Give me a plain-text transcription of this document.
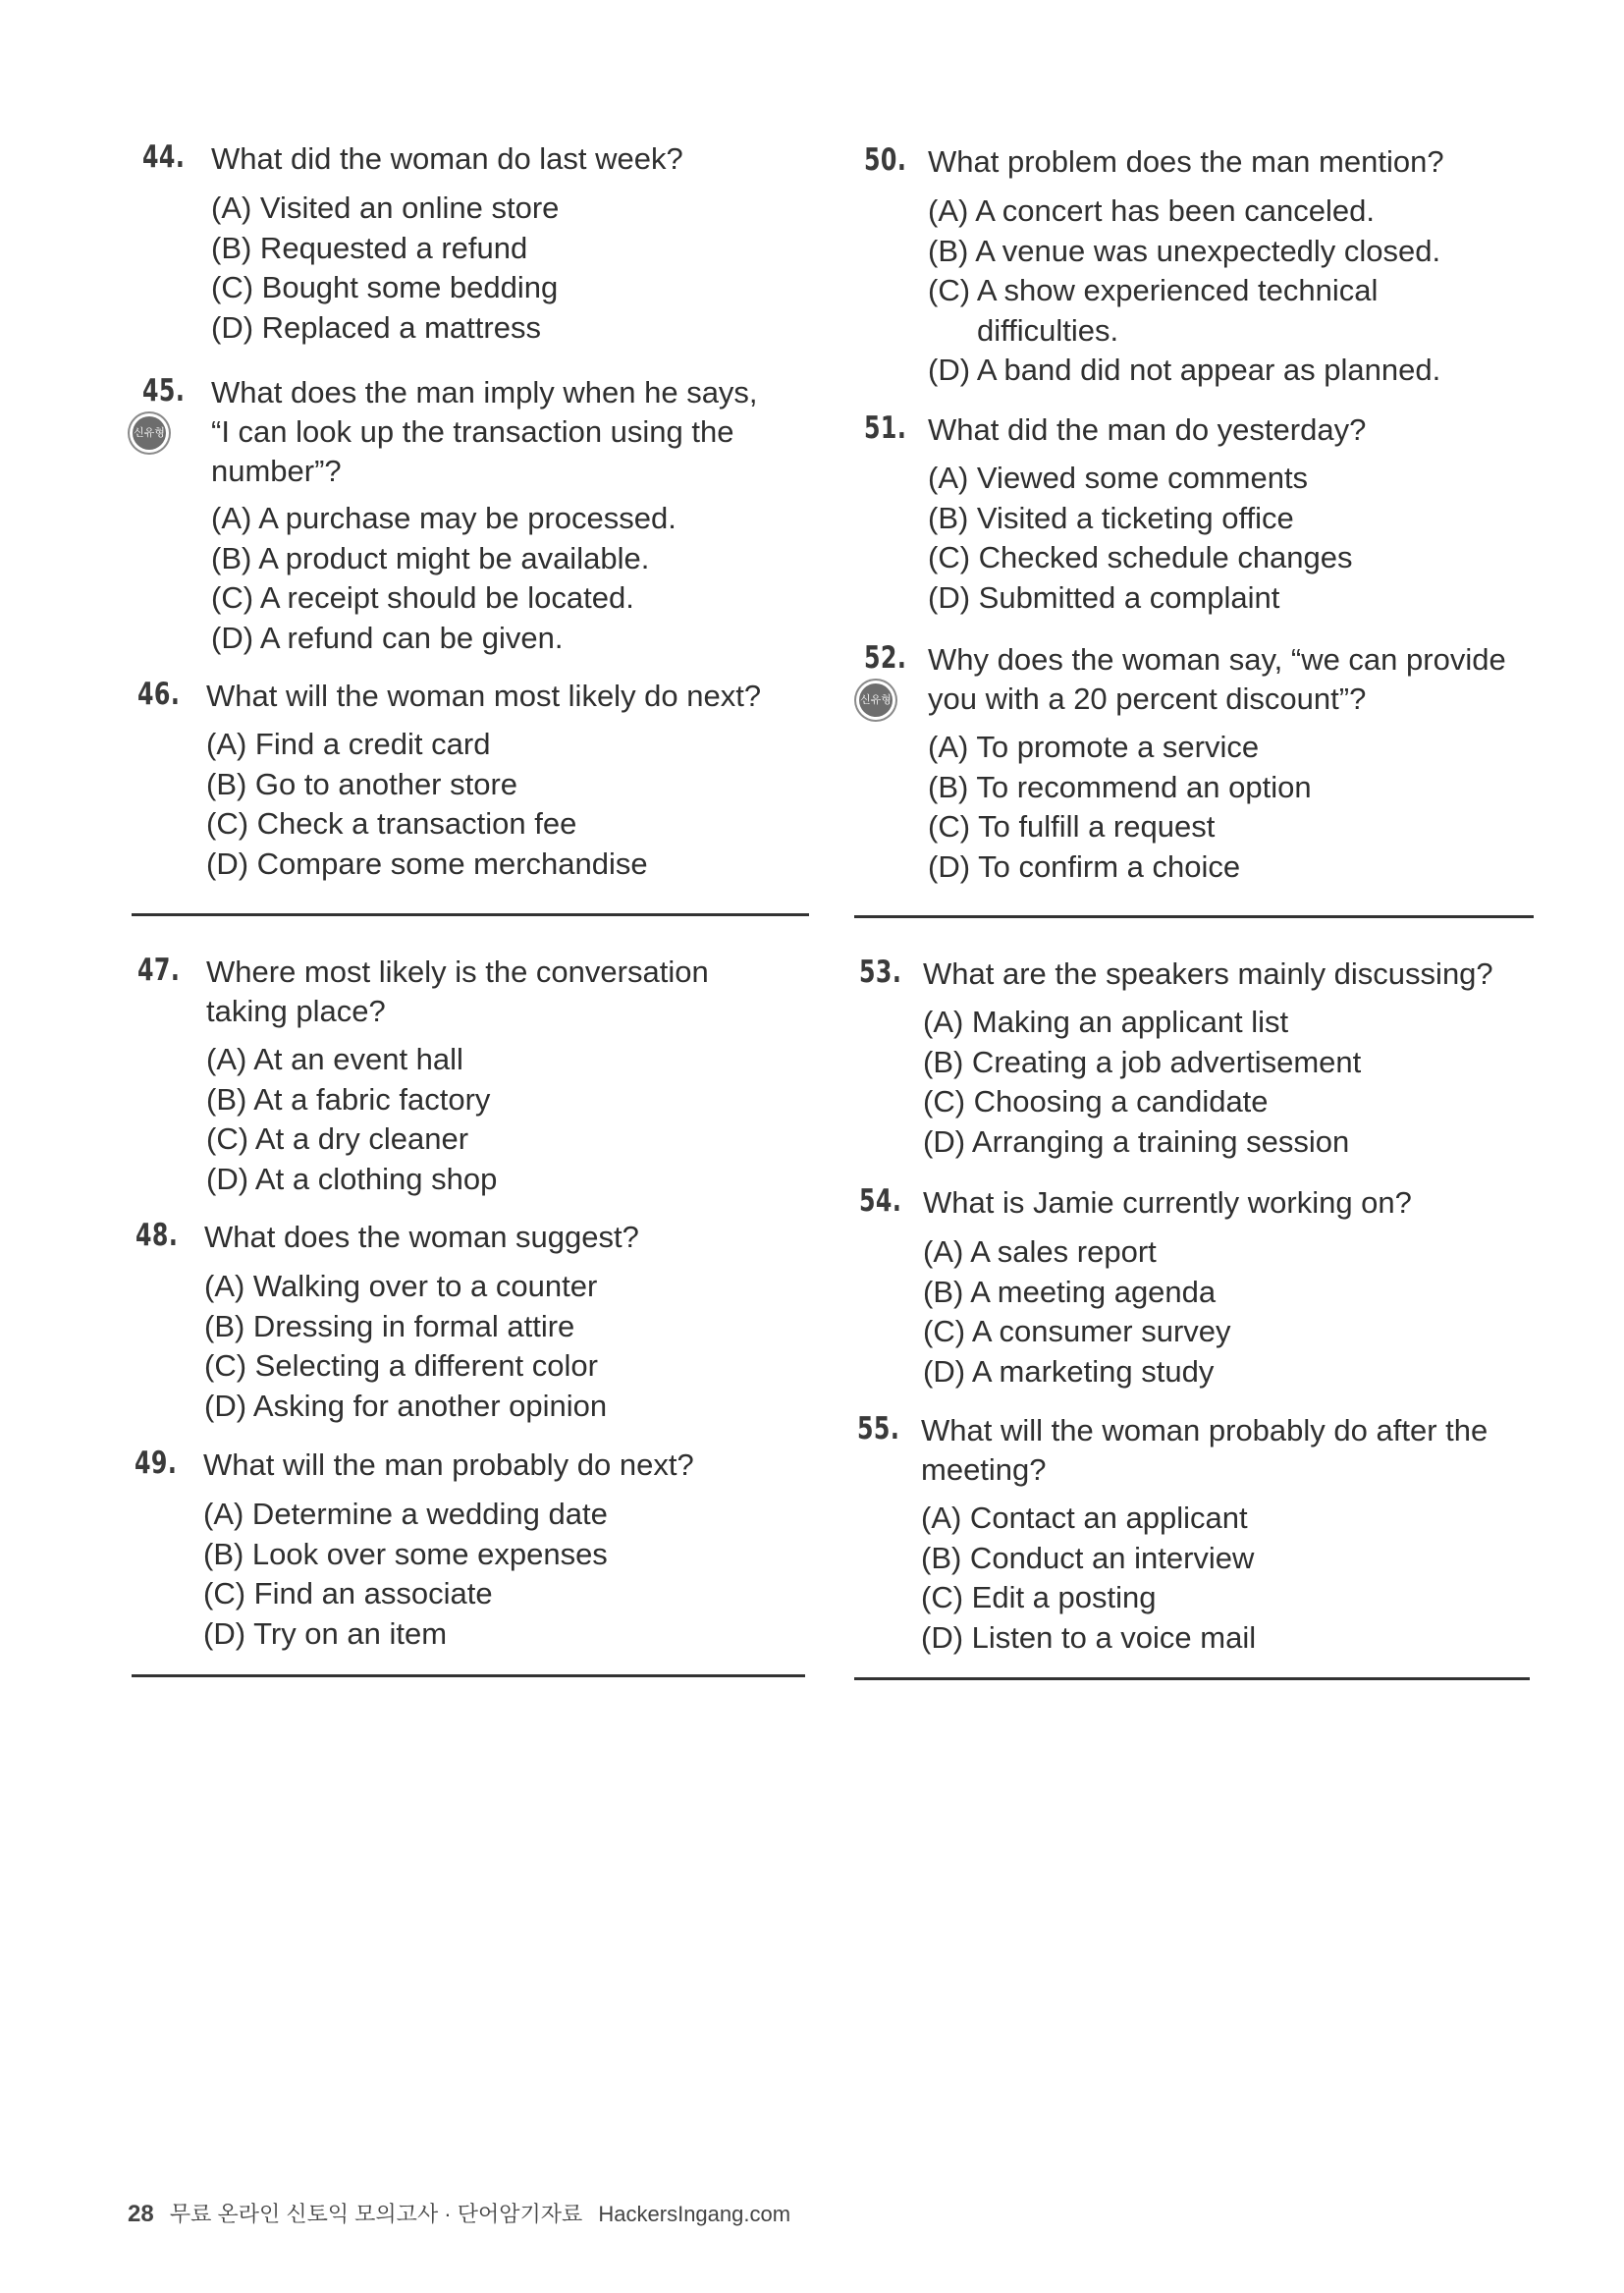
44. What did the woman do last week?
(A) Visited an online store
(B) Requested a refund
(C) Bought some bedding
(D) Replaced a mattress
45.
신유형
What does the man imply when he says,
“I can look up the transaction using the
number”?
(A) A purchase may be processed.
(B) A product might be available.
(C) A receipt should be located.
(D) A refund can be given.
46. What will the woman most likely do next?
(A) Find a credit card
(B) Go to another store
(C) Check a transaction fee
(D) Compare some merchandise
47. Where most likely is the conversation
taking place?
(A) At an event hall
(B) At a fabric factory
(C) At a dry cleaner
(D) At a clothing shop
48. What does the woman suggest?
(A) Walking over to a counter
(B) Dressing in formal attire
(C) Selecting a different color
(D) Asking for another opinion
49. What will the man probably do next?
(A) Determine a wedding date
(B) Look over some expenses
(C) Find an associate
(D) Try on an item
50. What problem does the man mention?
(A) A concert has been canceled.
(B) A venue was unexpectedly closed.
(C) A show experienced technical
difficulties.
(D) A band did not appear as planned.
51. What did the man do yesterday?
(A) Viewed some comments
(B) Visited a ticketing office
(C) Checked schedule changes
(D) Submitted a complaint
52.
신유형
Why does the woman say, “we can provide
you with a 20 percent discount”?
(A) To promote a service
(B) To recommend an option
(C) To fulfill a request
(D) To confirm a choice
53. What are the speakers mainly discussing?
(A) Making an applicant list
(B) Creating a job advertisement
(C) Choosing a candidate
(D) Arranging a training session
54. What is Jamie currently working on?
(A) A sales report
(B) A meeting agenda
(C) A consumer survey
(D) A marketing study
55. What will the woman probably do after the
meeting?
(A) Contact an applicant
(B) Conduct an interview
(C) Edit a posting
(D) Listen to a voice mail
28 무료 온라인 신토익 모의고사 · 단어암기자료 HackersIngang.com
